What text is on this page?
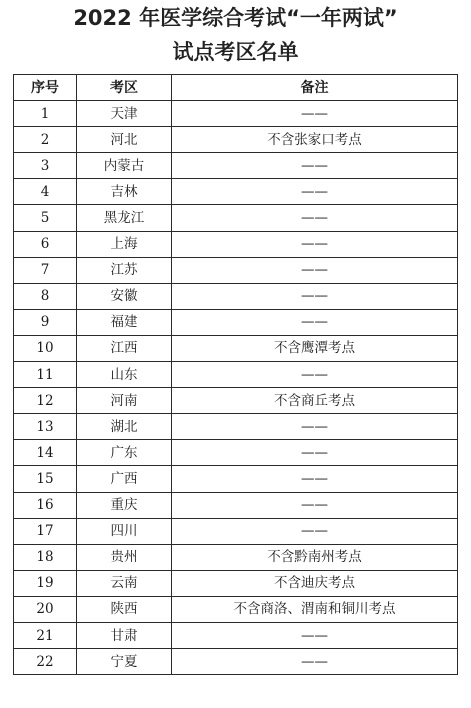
2022 年医学综合考试“一年两试”
试点考区名单
序号	考区	备注
1	天津	——
2	河北	不含张家口考点
3	内蒙古	——
4	吉林	——
5	黑龙江	——
6	上海	——
7	江苏	——
8	安徽	——
9	福建	——
10	江西	不含鹰潭考点
11	山东	——
12	河南	不含商丘考点
13	湖北	——
14	广东	——
15	广西	——
16	重庆	——
17	四川	——
18	贵州	不含黔南州考点
19	云南	不含迪庆考点
20	陕西	不含商洛、渭南和铜川考点
21	甘肃	——
22	宁夏	——
